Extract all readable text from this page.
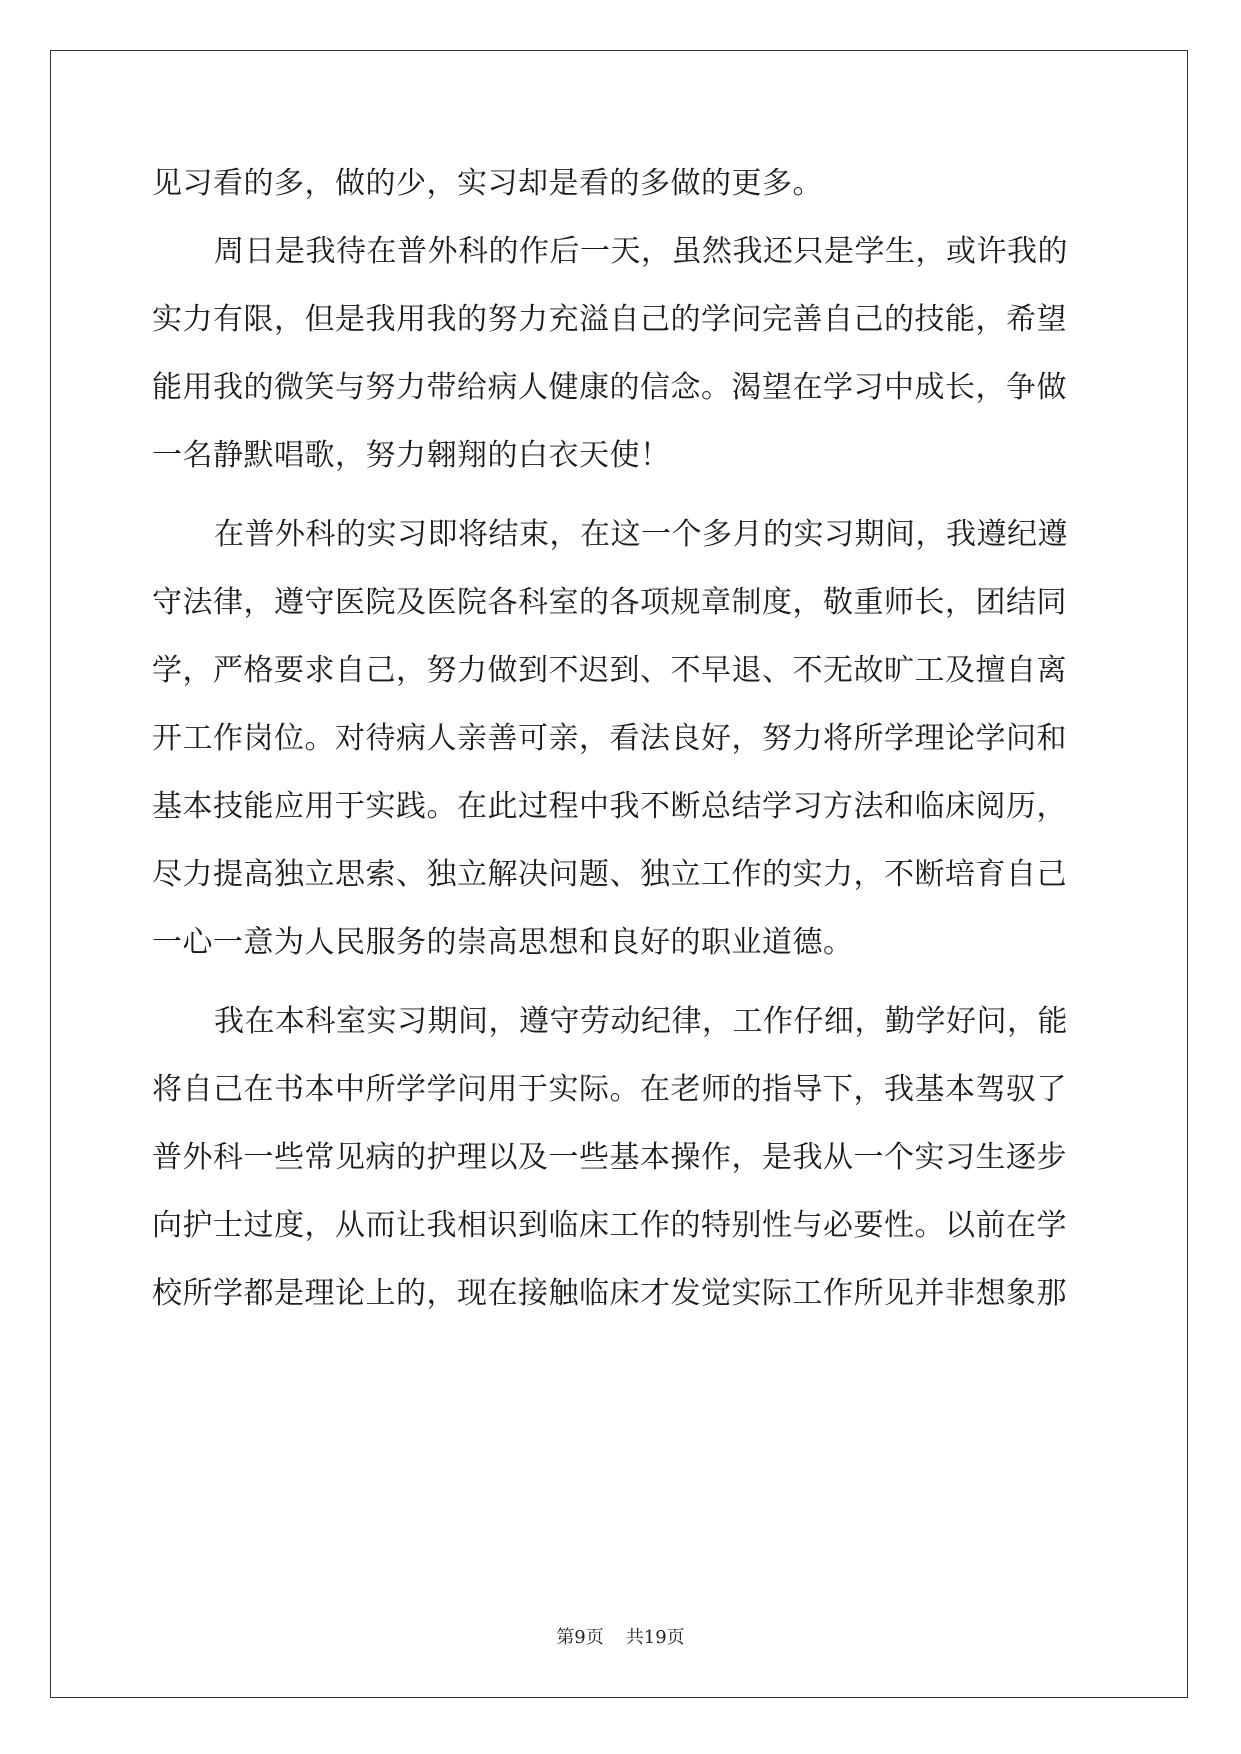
见习看的多，做的少，实习却是看的多做的更多。
周日是我待在普外科的作后一天，虽然我还只是学生，或许我的
实力有限，但是我用我的努力充溢自己的学问完善自己的技能，希望
能用我的微笑与努力带给病人健康的信念。渴望在学习中成长，争做
一名静默唱歌，努力翱翔的白衣天使！
在普外科的实习即将结束，在这一个多月的实习期间，我遵纪遵
守法律，遵守医院及医院各科室的各项规章制度，敬重师长，团结同
学，严格要求自己，努力做到不迟到、不早退、不无故旷工及擅自离
开工作岗位。对待病人亲善可亲，看法良好，努力将所学理论学问和
基本技能应用于实践。在此过程中我不断总结学习方法和临床阅历，
尽力提高独立思索、独立解决问题、独立工作的实力，不断培育自己
一心一意为人民服务的崇高思想和良好的职业道德。
我在本科室实习期间，遵守劳动纪律，工作仔细，勤学好问，能
将自己在书本中所学学问用于实际。在老师的指导下，我基本驾驭了
普外科一些常见病的护理以及一些基本操作，是我从一个实习生逐步
向护士过度，从而让我相识到临床工作的特别性与必要性。以前在学
校所学都是理论上的，现在接触临床才发觉实际工作所见并非想象那
第9页 共19页
